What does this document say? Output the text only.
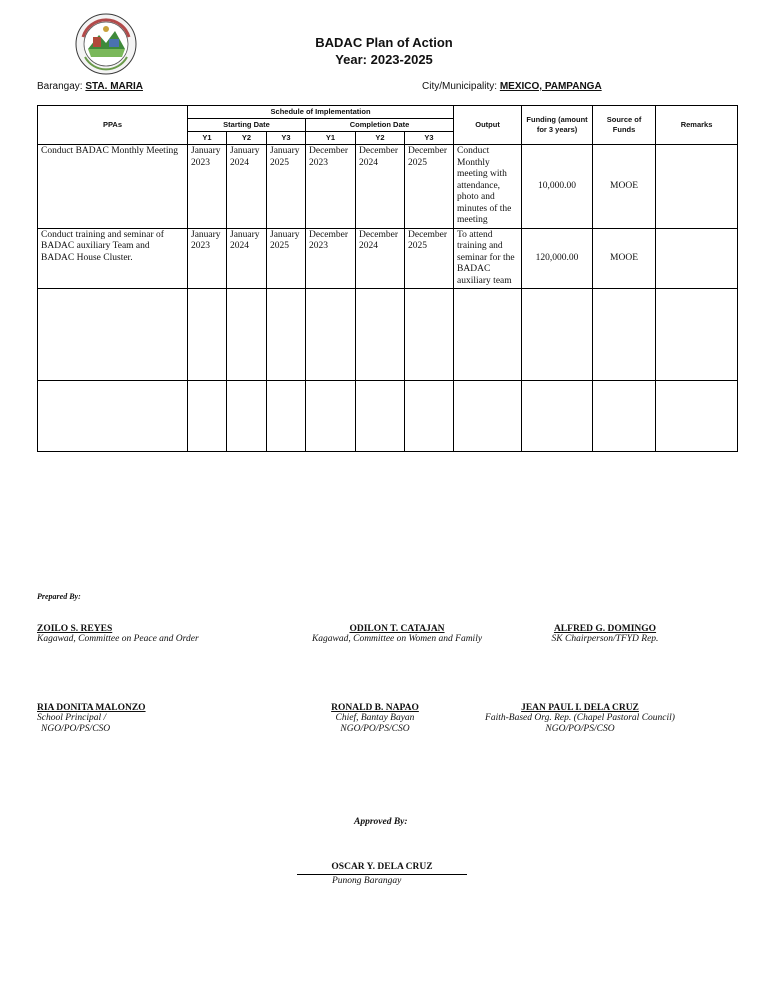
BADAC Plan of Action
Year: 2023-2025
Barangay: STA. MARIA	City/Municipality: MEXICO, PAMPANGA
PPAs	Schedule of Implementation						Output	Funding (amount for 3 years)	Source of Funds	Remarks
	Starting Date			Completion Date						
	Y1	Y2	Y3	Y1	Y2	Y3				
Conduct BADAC Monthly Meeting	January 2023	January 2024	January 2025	December 2023	December 2024	December 2025	Conduct Monthly meeting with attendance, photo and minutes of the meeting	10,000.00	MOOE	
Conduct training and seminar of BADAC auxiliary Team and BADAC House Cluster.	January 2023	January 2024	January 2025	December 2023	December 2024	December 2025	To attend training and seminar for the BADAC auxiliary team	120,000.00	MOOE	

Prepared By:
ZOILO S. REYES
Kagawad, Committee on Peace and Order
ODILON T. CATAJAN
Kagawad, Committee on Women and Family
ALFRED G. DOMINGO
SK Chairperson/TFYD Rep.
RIA DONITA MALONZO
School Principal /
NGO/PO/PS/CSO
RONALD B. NAPAO
Chief, Bantay Bayan
NGO/PO/PS/CSO
JEAN PAUL I. DELA CRUZ
Faith-Based Org. Rep. (Chapel Pastoral Council)
NGO/PO/PS/CSO
Approved By:
OSCAR Y. DELA CRUZ
Punong Barangay
